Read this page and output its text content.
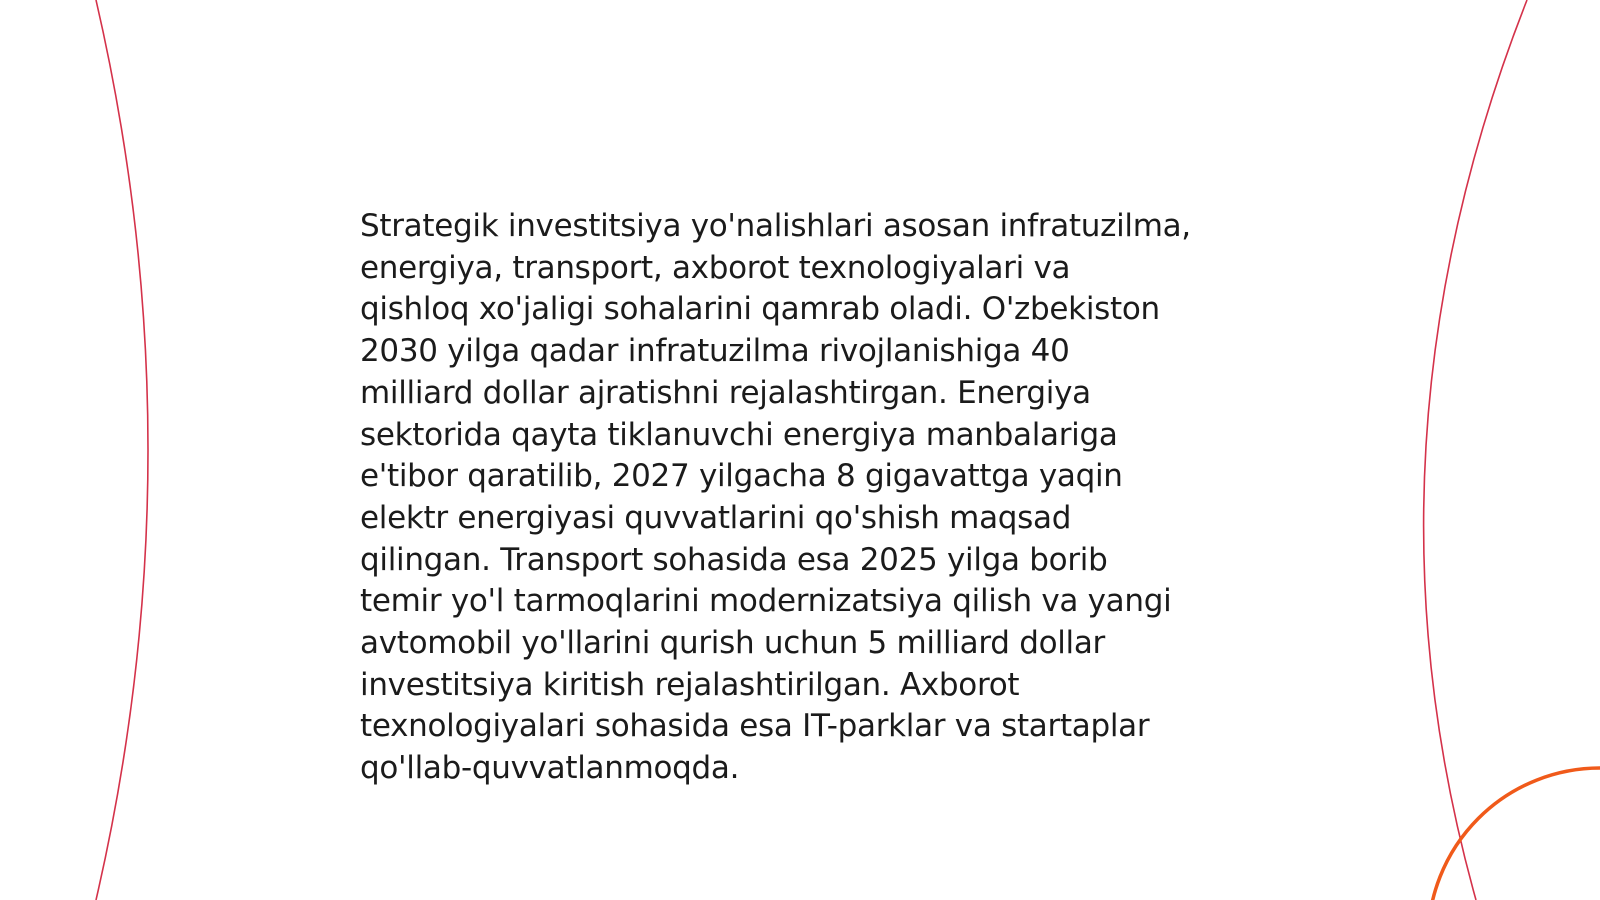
Strategik investitsiya yo'nalishlari asosan infratuzilma,
energiya, transport, axborot texnologiyalari va
qishloq xo'jaligi sohalarini qamrab oladi. O'zbekiston
2030 yilga qadar infratuzilma rivojlanishiga 40
milliard dollar ajratishni rejalashtirgan. Energiya
sektorida qayta tiklanuvchi energiya manbalariga
e'tibor qaratilib, 2027 yilgacha 8 gigavattga yaqin
elektr energiyasi quvvatlarini qo'shish maqsad
qilingan. Transport sohasida esa 2025 yilga borib
temir yo'l tarmoqlarini modernizatsiya qilish va yangi
avtomobil yo'llarini qurish uchun 5 milliard dollar
investitsiya kiritish rejalashtirilgan. Axborot
texnologiyalari sohasida esa IT-parklar va startaplar
qo'llab-quvvatlanmoqda.
